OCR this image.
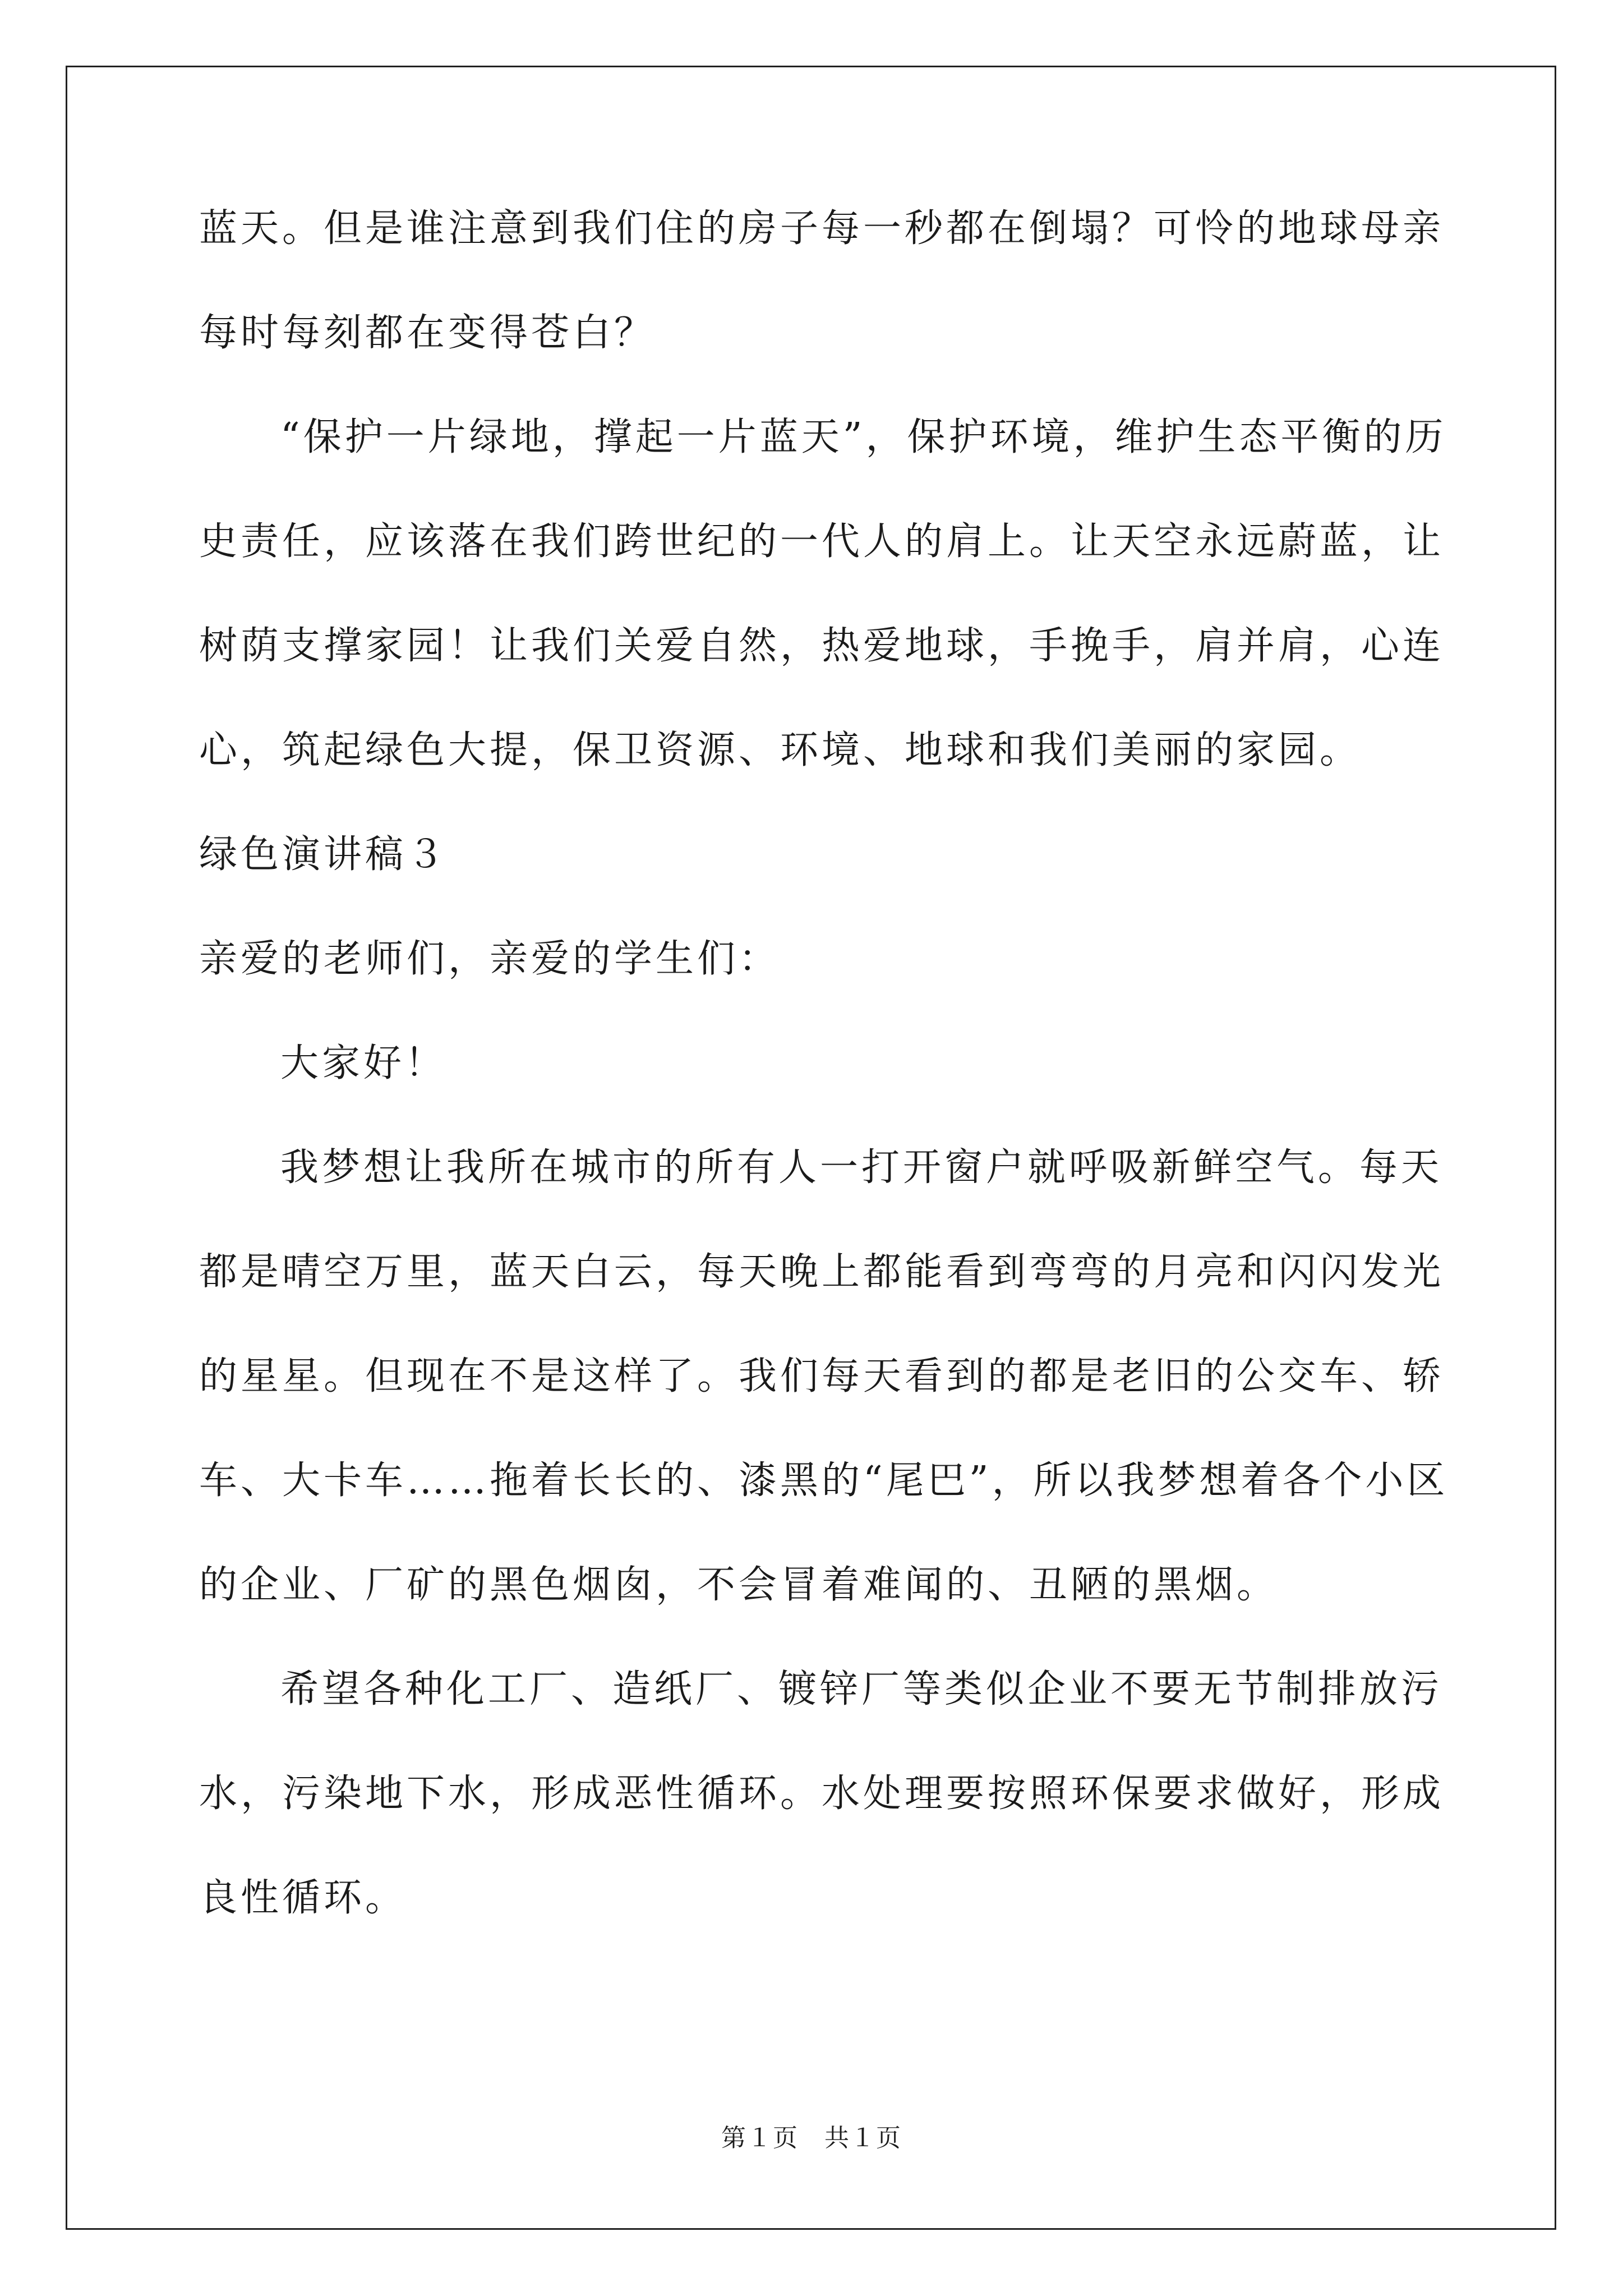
蓝天。但是谁注意到我们住的房子每一秒都在倒塌？可怜的地球母亲

每时每刻都在变得苍白？

“保护一片绿地，撑起一片蓝天”，保护环境，维护生态平衡的历

史责任，应该落在我们跨世纪的一代人的肩上。让天空永远蔚蓝，让

树荫支撑家园！让我们关爱自然，热爱地球，手挽手，肩并肩，心连

心，筑起绿色大提，保卫资源、环境、地球和我们美丽的家园。

绿色演讲稿３

亲爱的老师们，亲爱的学生们：

大家好！

我梦想让我所在城市的所有人一打开窗户就呼吸新鲜空气。每天

都是晴空万里，蓝天白云，每天晚上都能看到弯弯的月亮和闪闪发光

的星星。但现在不是这样了。我们每天看到的都是老旧的公交车、轿

车、大卡车……拖着长长的、漆黑的“尾巴”，所以我梦想着各个小区

的企业、厂矿的黑色烟囱，不会冒着难闻的、丑陋的黑烟。

希望各种化工厂、造纸厂、镀锌厂等类似企业不要无节制排放污

水，污染地下水，形成恶性循环。水处理要按照环保要求做好，形成

良性循环。

第１页　共１页
